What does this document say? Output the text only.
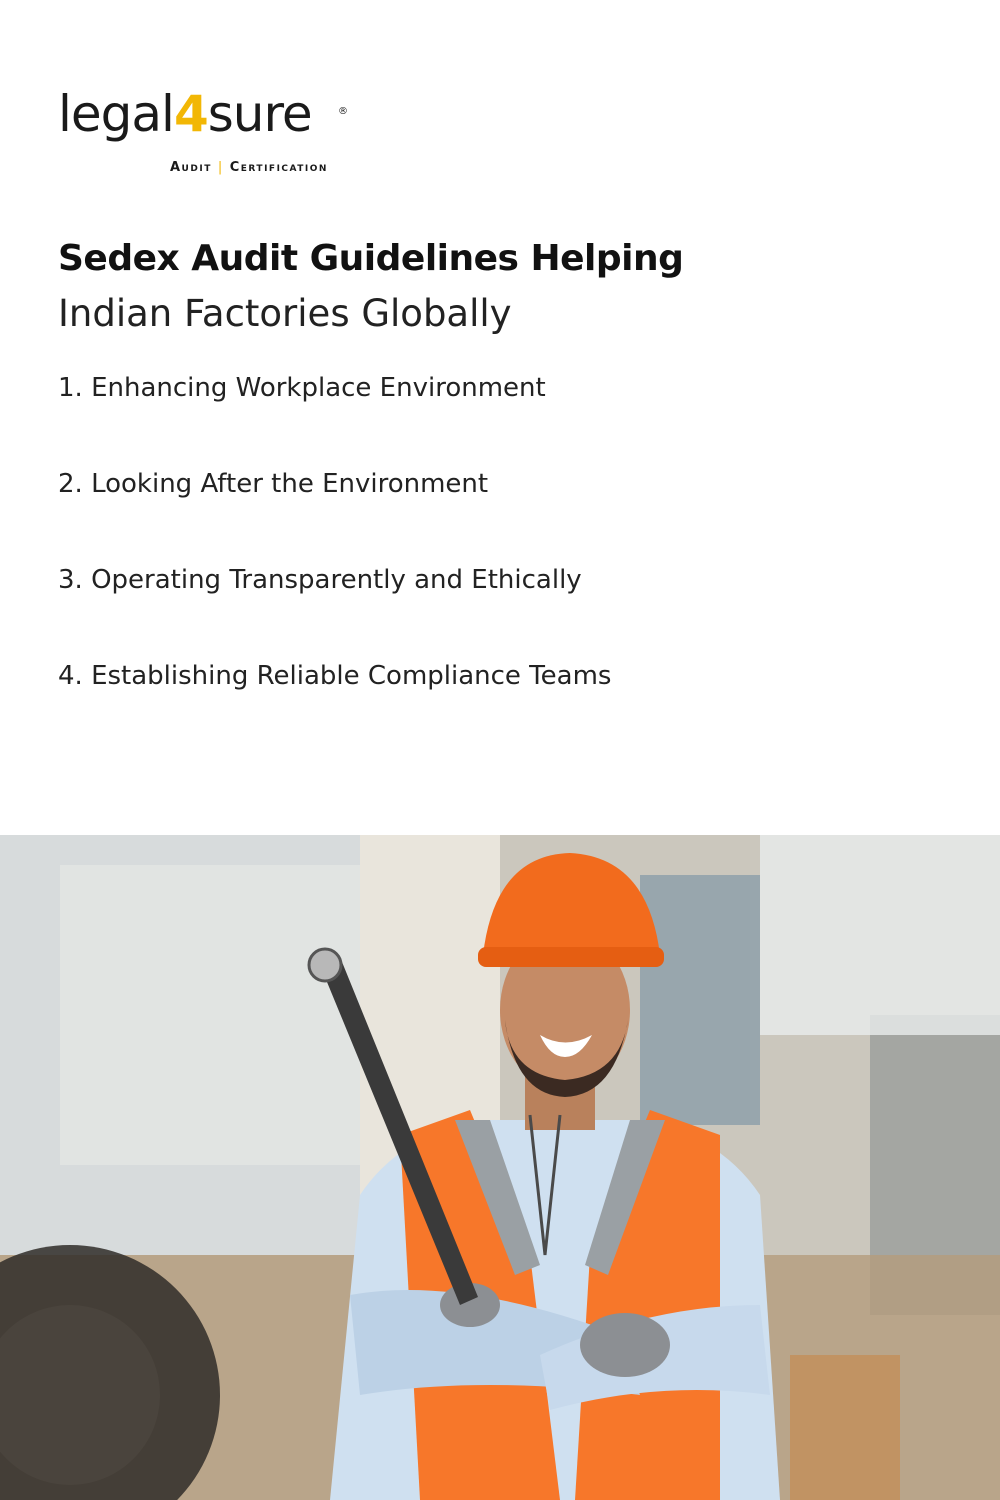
legal4sure	®
Audit | Certification
Sedex Audit Guidelines Helping
Indian Factories Globally
1. Enhancing Workplace Environment
2. Looking After the Environment
3. Operating Transparently and Ethically
4. Establishing Reliable Compliance Teams
